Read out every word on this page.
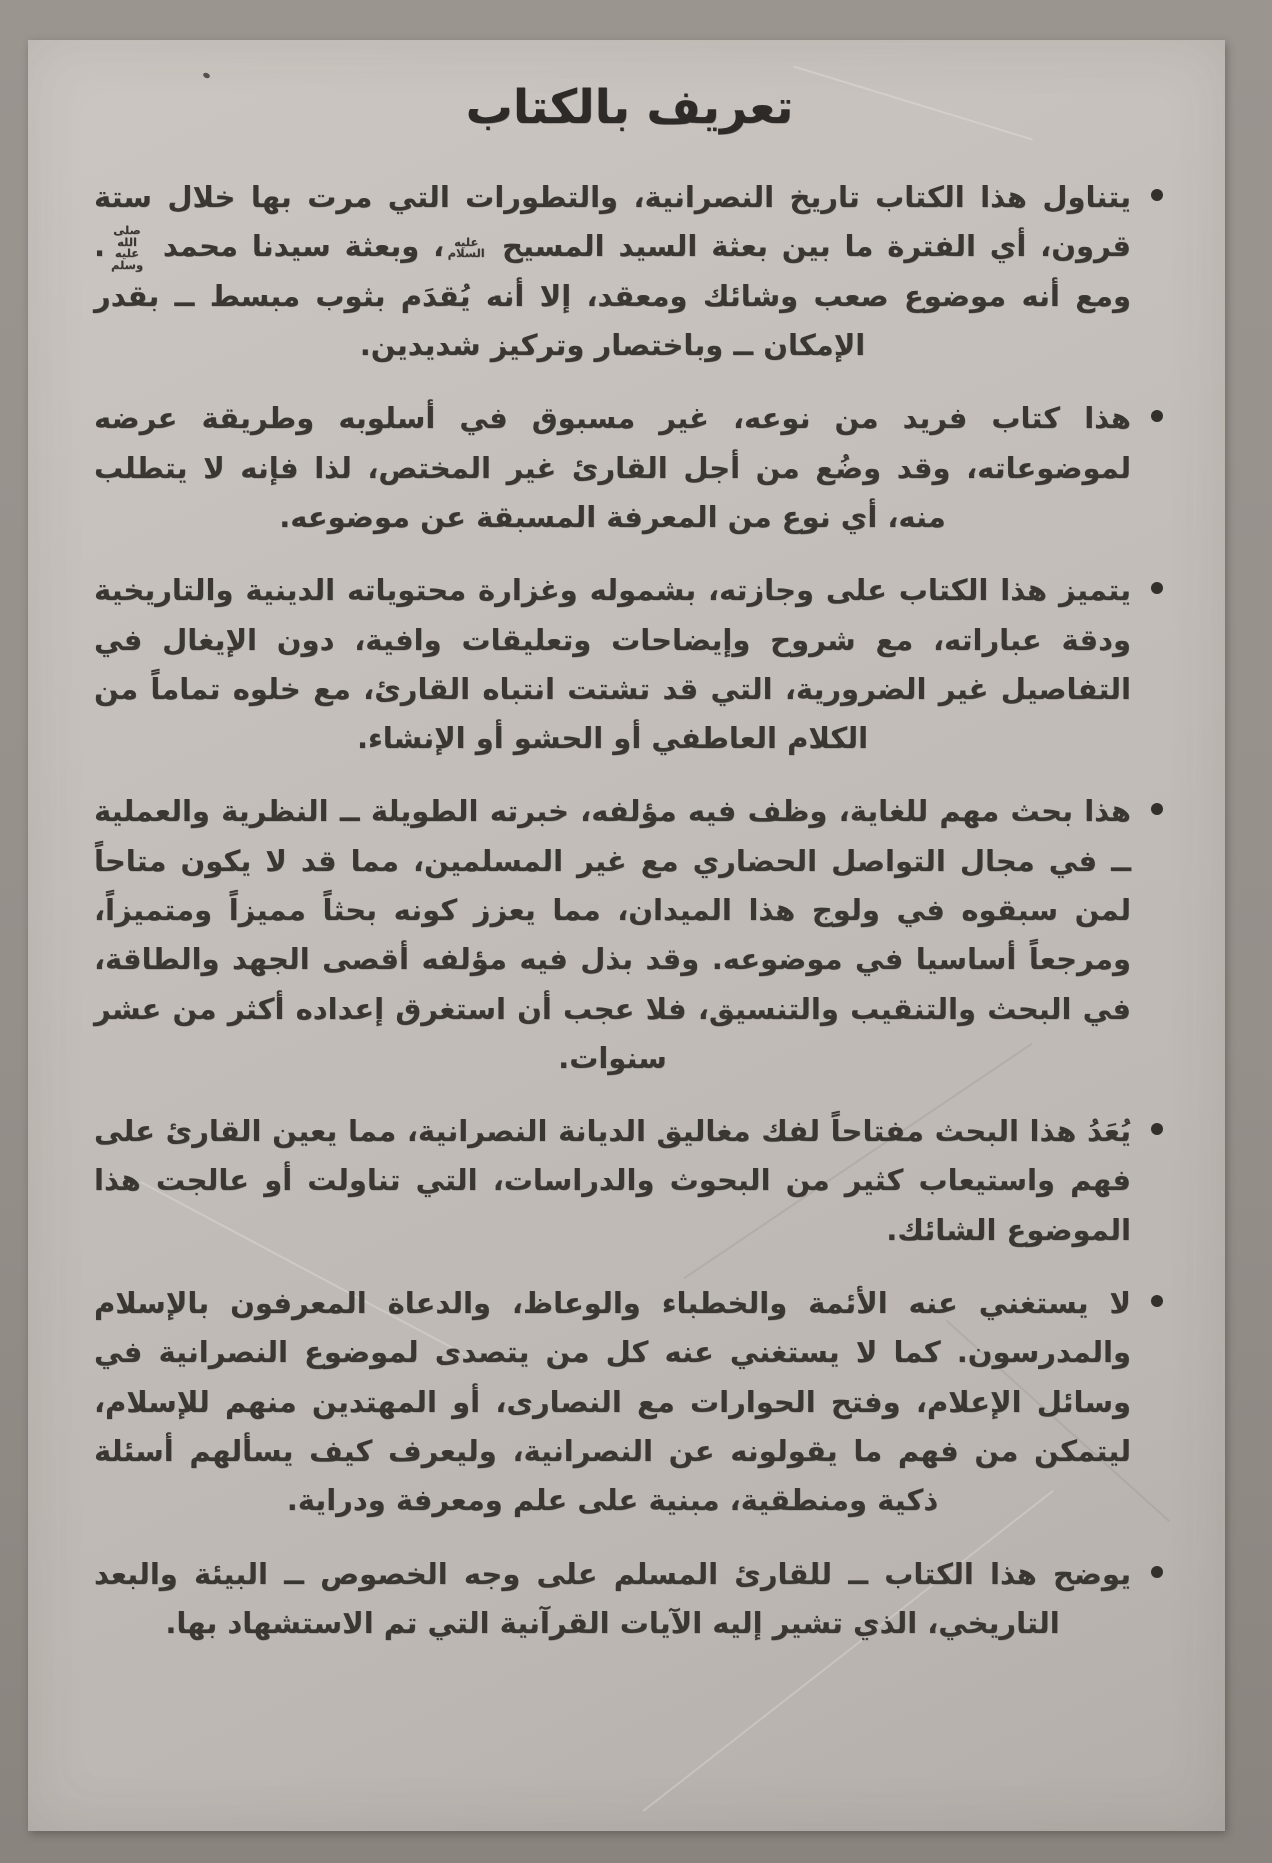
تعريف بالكتاب
يتناول هذا الكتاب تاريخ النصرانية، والتطورات التي مرت بها خلال ستة قرون، أي الفترة ما بين بعثة السيد المسيح عليه السلام، وبعثة سيدنا محمد صلى الله عليه وسلم. ومع أنه موضوع صعب وشائك ومعقد، إلا أنه يُقدَم بثوب مبسط ــ بقدر الإمكان ــ وباختصار وتركيز شديدين.
هذا كتاب فريد من نوعه، غير مسبوق في أسلوبه وطريقة عرضه لموضوعاته، وقد وضُع من أجل القارئ غير المختص، لذا فإنه لا يتطلب منه، أي نوع من المعرفة المسبقة عن موضوعه.
يتميز هذا الكتاب على وجازته، بشموله وغزارة محتوياته الدينية والتاريخية ودقة عباراته، مع شروح وإيضاحات وتعليقات وافية، دون الإيغال في التفاصيل غير الضرورية، التي قد تشتت انتباه القارئ، مع خلوه تماماً من الكلام العاطفي أو الحشو أو الإنشاء.
هذا بحث مهم للغاية، وظف فيه مؤلفه، خبرته الطويلة ــ النظرية والعملية ــ في مجال التواصل الحضاري مع غير المسلمين، مما قد لا يكون متاحاً لمن سبقوه في ولوج هذا الميدان، مما يعزز كونه بحثاً مميزاً ومتميزاً، ومرجعاً أساسيا في موضوعه. وقد بذل فيه مؤلفه أقصى الجهد والطاقة، في البحث والتنقيب والتنسيق، فلا عجب أن استغرق إعداده أكثر من عشر سنوات.
يُعَدُ هذا البحث مفتاحاً لفك مغاليق الديانة النصرانية، مما يعين القارئ على فهم واستيعاب كثير من البحوث والدراسات، التي تناولت أو عالجت هذا الموضوع الشائك.
لا يستغني عنه الأئمة والخطباء والوعاظ، والدعاة المعرفون بالإسلام والمدرسون. كما لا يستغني عنه كل من يتصدى لموضوع النصرانية في وسائل الإعلام، وفتح الحوارات مع النصارى، أو المهتدين منهم للإسلام، ليتمكن من فهم ما يقولونه عن النصرانية، وليعرف كيف يسألهم أسئلة ذكية ومنطقية، مبنية على علم ومعرفة ودراية.
يوضح هذا الكتاب ــ للقارئ المسلم على وجه الخصوص ــ البيئة والبعد التاريخي، الذي تشير إليه الآيات القرآنية التي تم الاستشهاد بها.
